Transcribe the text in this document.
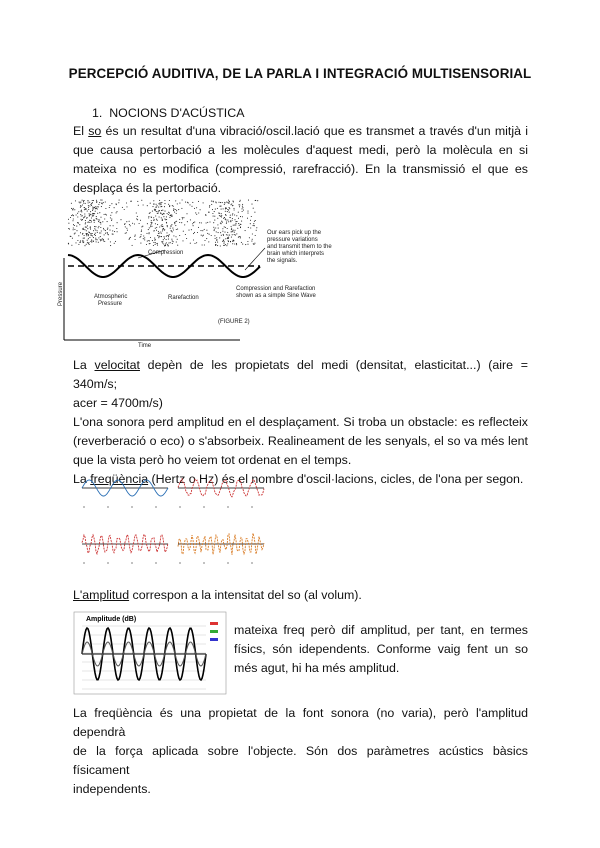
PERCEPCIÓ AUDITIVA, DE LA PARLA I INTEGRACIÓ MULTISENSORIAL
1. NOCIONS D'ACÚSTICA
El so és un resultat d'una vibració/oscil.lació que es transmet a través d'un mitjà i
que causa pertorbació a les molècules d'aquest medi, però la molècula en si
mateixa no es modifica (compressió, rarefracció). En la transmissió el que es
desplaça és la pertorbació.
Compression
Rarefaction
Atmospheric
Pressure
Our ears pick up the
pressure variations
and transmit them to the
brain which interprets
the signals.
Compression and Rarefaction
shown as a simple Sine Wave
(FIGURE 2)
Time
Pressure
La velocitat depèn de les propietats del medi (densitat, elasticitat...) (aire = 340m/s;
acer = 4700m/s)
L'ona sonora perd amplitud en el desplaçament. Si troba un obstacle: es reflecteix
(reverberació o eco) o s'absorbeix. Realineament de les senyals, el so va més lent
que la vista però ho veiem tot ordenat en el temps.
La freqüència (Hertz o Hz) és el nombre d'oscil·lacions, cicles, de l'ona per segon.
L'amplitud correspon a la intensitat del so (al volum).
Amplitude (dB)
mateixa freq però dif amplitud, per tant, en termes
físics, són idependents. Conforme vaig fent un so
més agut, hi ha més amplitud.
La freqüència és una propietat de la font sonora (no varia), però l'amplitud dependrà
de la força aplicada sobre l'objecte. Són dos paràmetres acústics bàsics físicament
independents.
